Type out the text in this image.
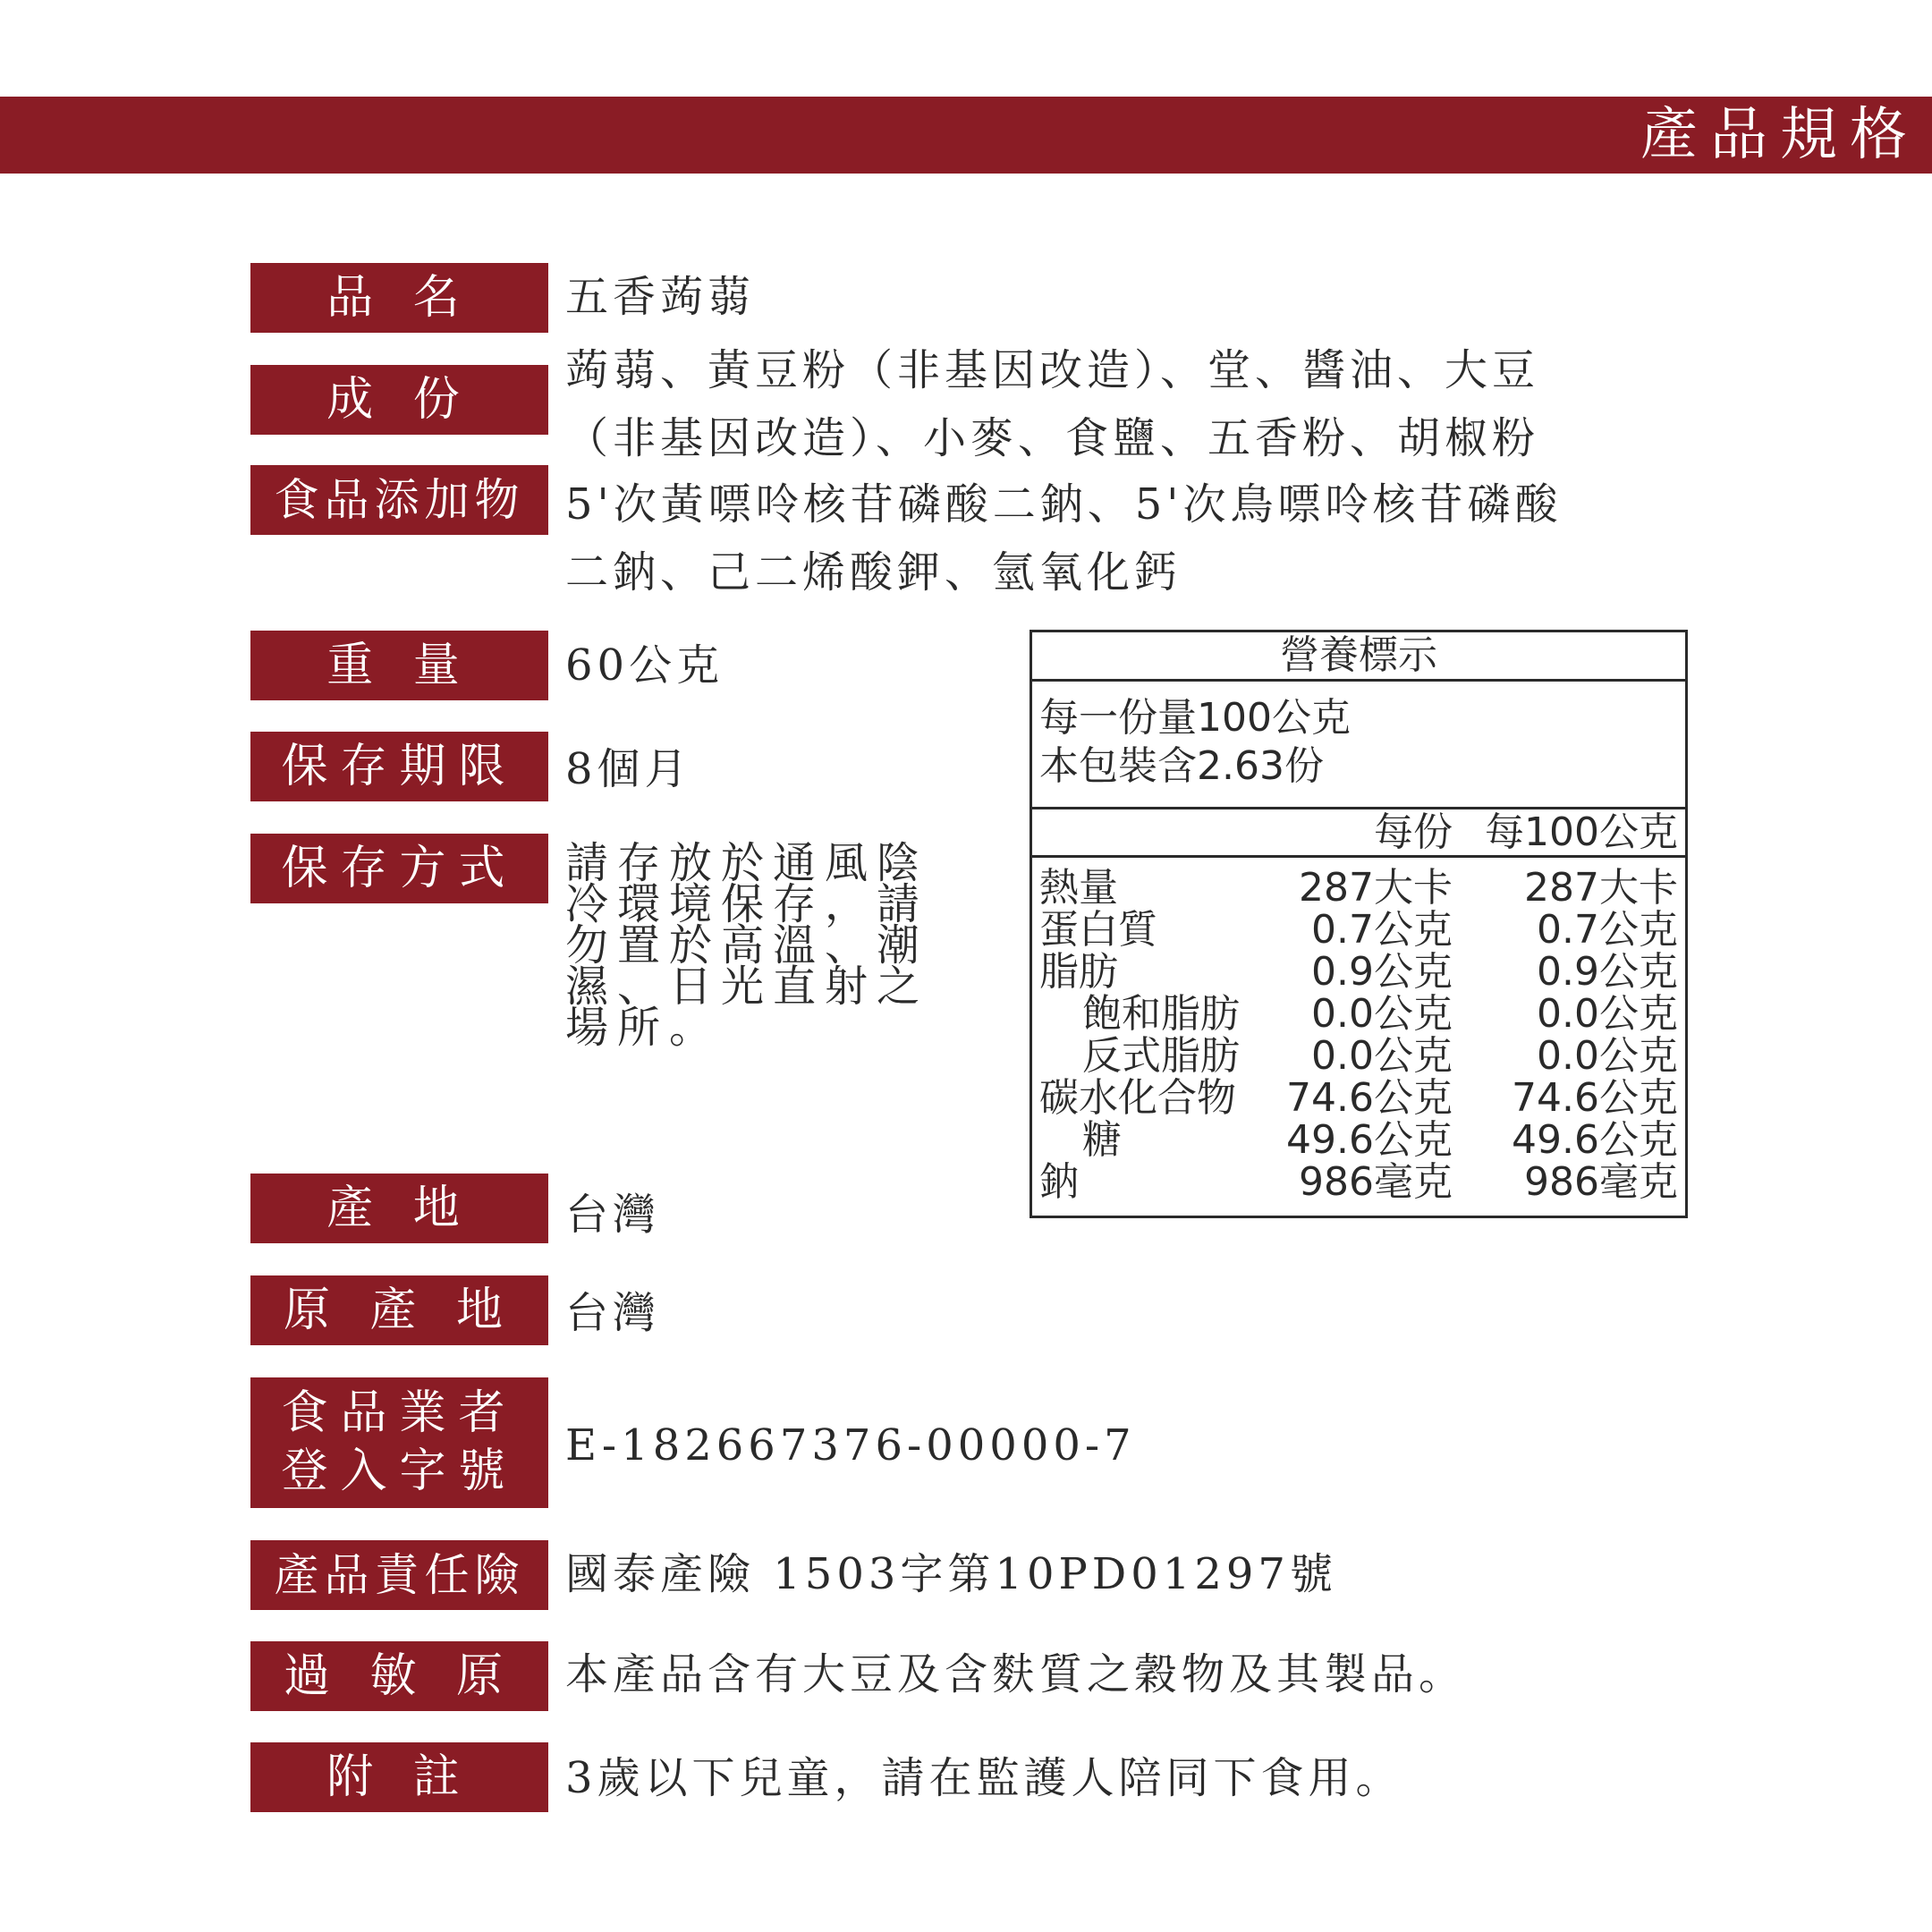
產品規格
品 名	五香蒟蒻
成 份
蒟蒻、黃豆粉（非基因改造）、堂、醬油、大豆
（非基因改造）、小麥、食鹽、五香粉、胡椒粉
食品添加物 5'次黃嘌呤核苷磷酸二鈉、5'次鳥嘌呤核苷磷酸
二鈉、己二烯酸鉀、氫氧化鈣
重 量	60公克
保存期限	8個月
保存方式	請存放於通風陰冷環境保存，請勿置於高溫、潮濕、日光直射之場所。
產 地	台灣
原 產 地	台灣
食品業者
登入字號 E-182667376-00000-7
產品責任險 國泰產險 1503字第10PD01297號
過 敏 原	本產品含有大豆及含麩質之穀物及其製品。
附 註	3歲以下兒童，請在監護人陪同下食用。
營養標示
每一份量100公克
本包裝含2.63份
每份 每100公克
熱量	287大卡 287大卡
蛋白質	0.7公克 0.7公克
脂肪	0.9公克 0.9公克
飽和脂肪 0.0公克 0.0公克
反式脂肪 0.0公克 0.0公克
碳水化合物 74.6公克 74.6公克
糖	49.6公克 49.6公克
鈉	986毫克 986毫克
